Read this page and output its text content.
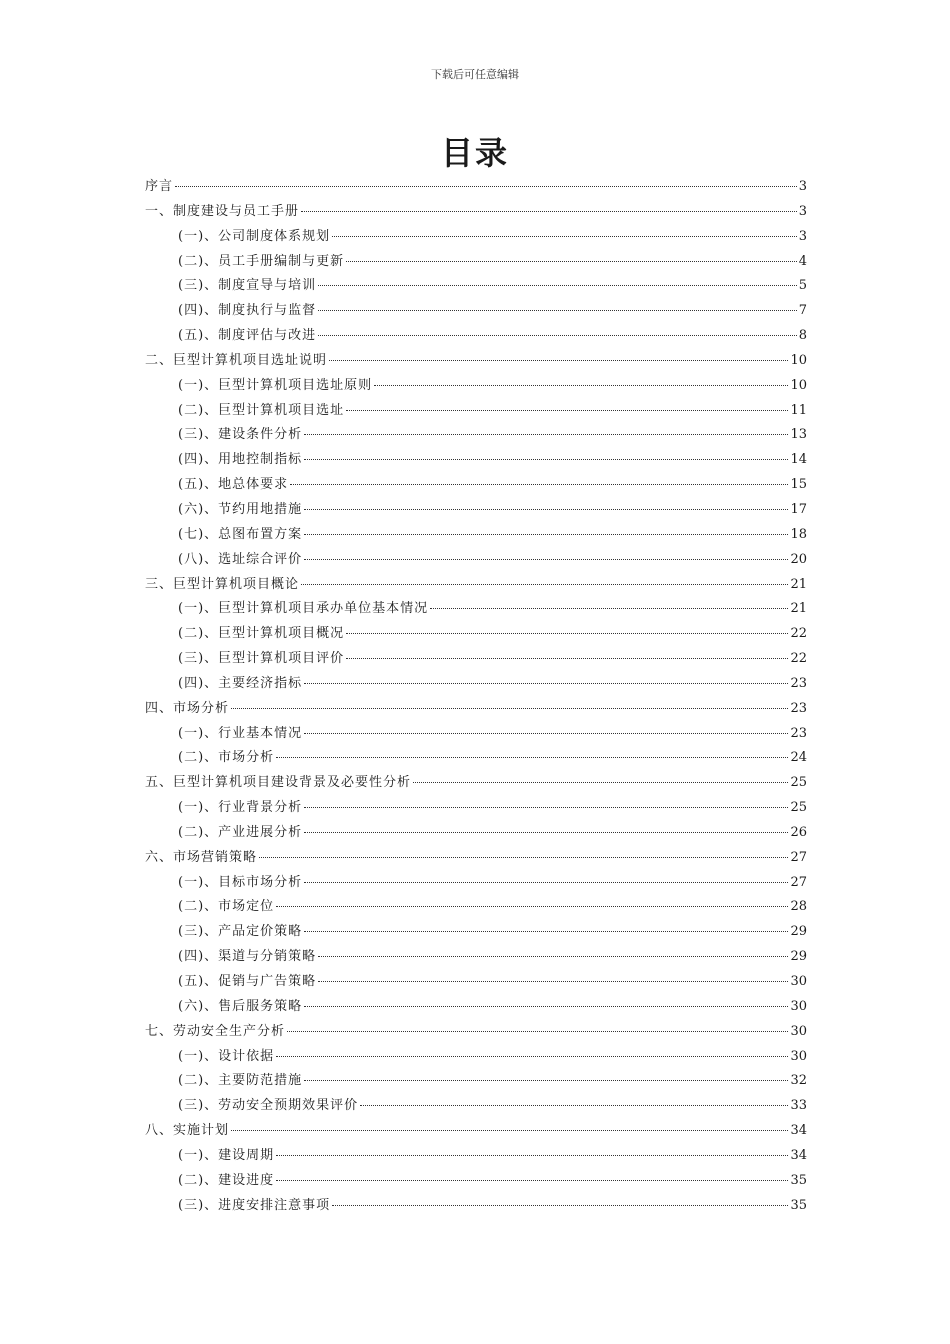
下载后可任意编辑
目录
序言	3
一、制度建设与员工手册	3
(一)、公司制度体系规划	3
(二)、员工手册编制与更新	4
(三)、制度宣导与培训	5
(四)、制度执行与监督	7
(五)、制度评估与改进	8
二、巨型计算机项目选址说明	10
(一)、巨型计算机项目选址原则	10
(二)、巨型计算机项目选址	11
(三)、建设条件分析	13
(四)、用地控制指标	14
(五)、地总体要求	15
(六)、节约用地措施	17
(七)、总图布置方案	18
(八)、选址综合评价	20
三、巨型计算机项目概论	21
(一)、巨型计算机项目承办单位基本情况	21
(二)、巨型计算机项目概况	22
(三)、巨型计算机项目评价	22
(四)、主要经济指标	23
四、市场分析	23
(一)、行业基本情况	23
(二)、市场分析	24
五、巨型计算机项目建设背景及必要性分析	25
(一)、行业背景分析	25
(二)、产业进展分析	26
六、市场营销策略	27
(一)、目标市场分析	27
(二)、市场定位	28
(三)、产品定价策略	29
(四)、渠道与分销策略	29
(五)、促销与广告策略	30
(六)、售后服务策略	30
七、劳动安全生产分析	30
(一)、设计依据	30
(二)、主要防范措施	32
(三)、劳动安全预期效果评价	33
八、实施计划	34
(一)、建设周期	34
(二)、建设进度	35
(三)、进度安排注意事项	35
